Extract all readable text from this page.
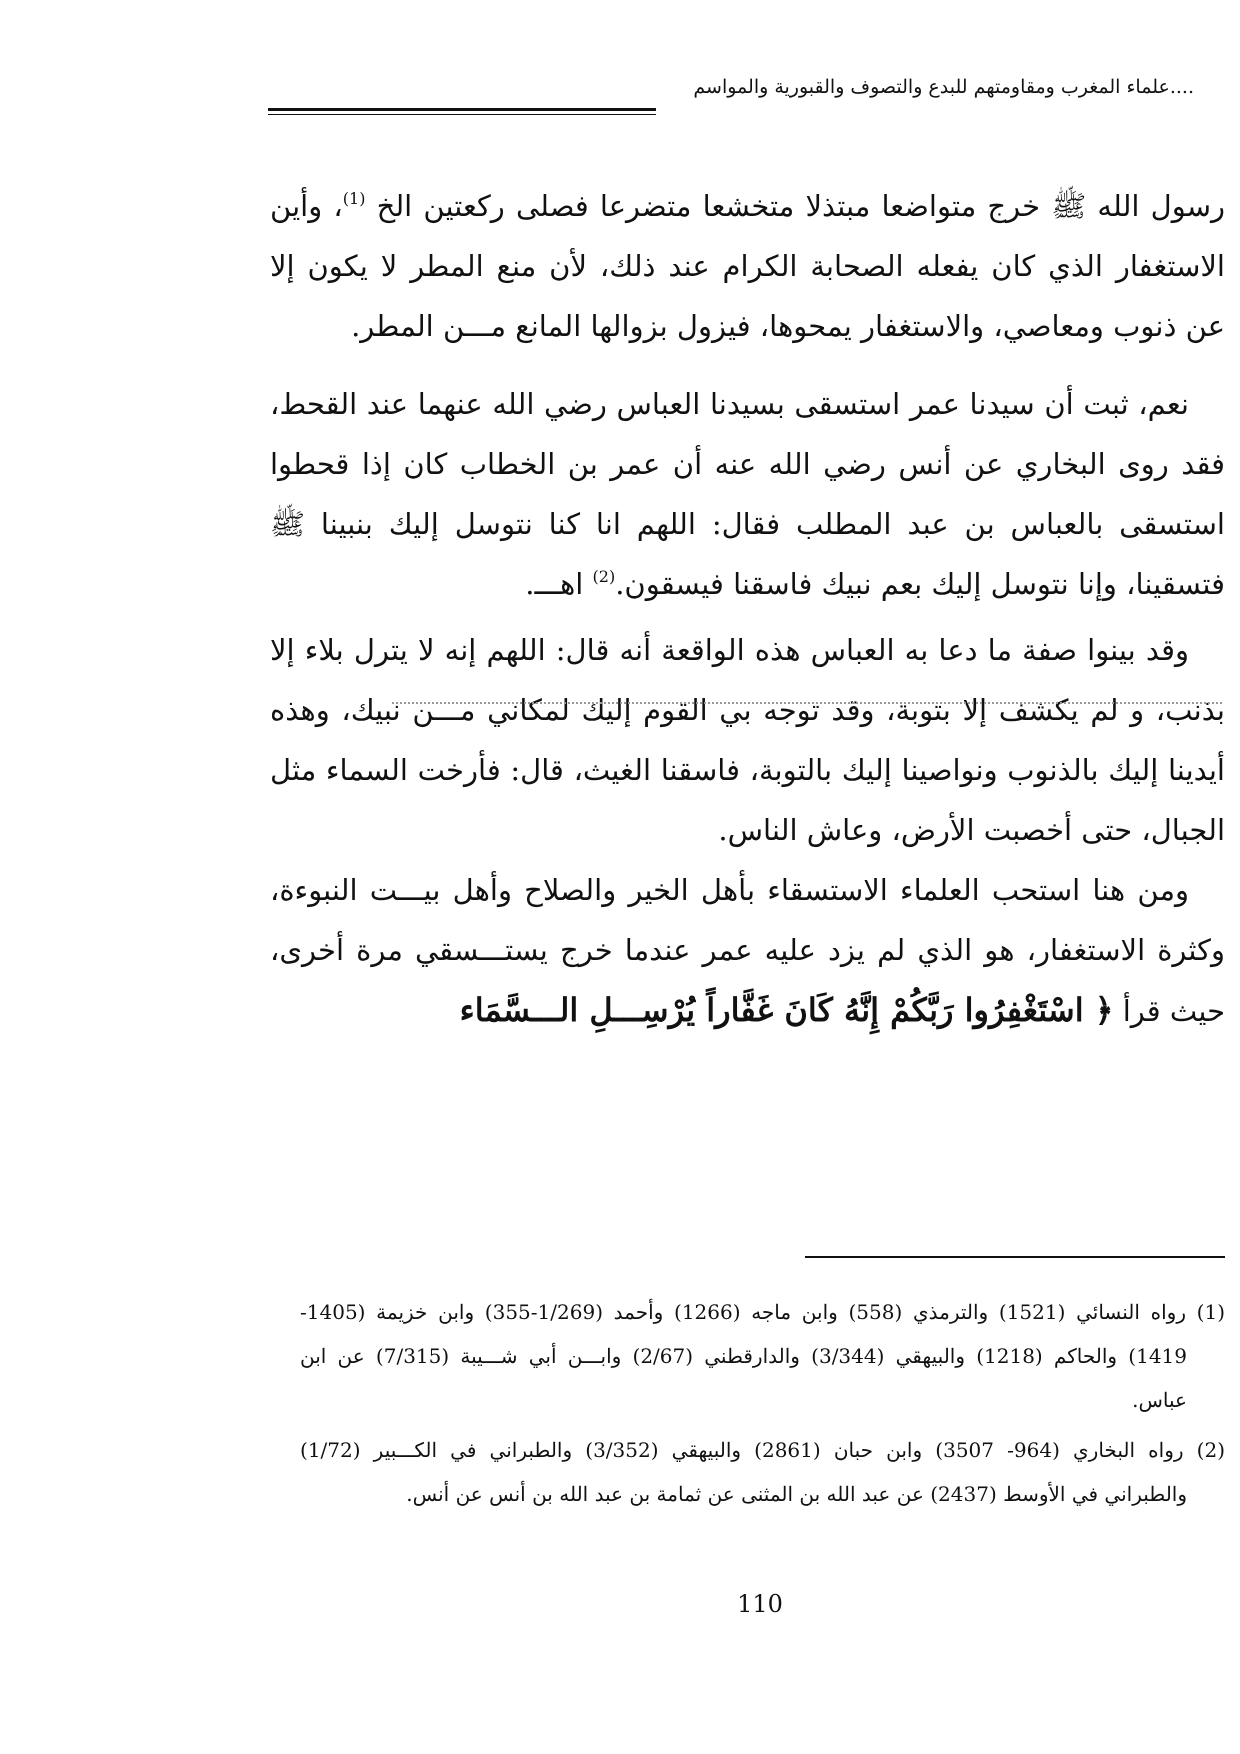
....علماء المغرب ومقاومتهم للبدع والتصوف والقبورية والمواسم

رسول الله ﷺ خرج متواضعا مبتذلا متخشعا متضرعا فصلى ركعتين الخ $^{(1)}$، وأين الاستغفار الذي كان يفعله الصحابة الكرام عند ذلك، لأن منع المطر لا يكون إلا عن ذنوب ومعاصي، والاستغفار يمحوها، فيزول بزوالها المانع مـــن المطر.

نعم، ثبت أن سيدنا عمر استسقى بسيدنا العباس رضي الله عنهما عند القحط، فقد روى البخاري عن أنس رضي الله عنه أن عمر بن الخطاب كان إذا قحطوا استسقى بالعباس بن عبد المطلب فقال: اللهم انا كنا نتوسل إليك بنبينا ﷺ فتسقينا، وإنا نتوسل إليك بعم نبيك فاسقنا فيسقون.$^{(2)}$ اهـــ.

وقد بينوا صفة ما دعا به العباس هذه الواقعة أنه قال: اللهم إنه لا يترل بلاء إلا بذنب، و لم يكشف إلا بتوبة، وقد توجه بي القوم إليك لمكاني مـــن نبيك، وهذه أيدينا إليك بالذنوب ونواصينا إليك بالتوبة، فاسقنا الغيث، قال: فأرخت السماء مثل الجبال، حتى أخصبت الأرض، وعاش الناس.

ومن هنا استحب العلماء الاستسقاء بأهل الخير والصلاح وأهل بيـــت النبوءة، وكثرة الاستغفار، هو الذي لم يزد عليه عمر عندما خرج يستـــسقي مرة أخرى، حيث قرأ ﴿ اسْتَغْفِرُوا رَبَّكُمْ إِنَّهُ كَانَ غَفَّاراً يُرْسِـــلِ الـــسَّمَاء

(1) رواه النسائي (1521) والترمذي (558) وابن ماجه (1266) وأحمد (1/269-355) وابن خزيمة (1405-1419) والحاكم (1218) والبيهقي (3/344) والدارقطني (2/67) وابـــن أبي شـــيبة (7/315) عن ابن عباس.

(2) رواه البخاري (964- 3507) وابن حبان (2861) والبيهقي (3/352) والطبراني في الكـــبير (1/72) والطبراني في الأوسط (2437) عن عبد الله بن المثنى عن ثمامة بن عبد الله بن أنس عن أنس.

110
